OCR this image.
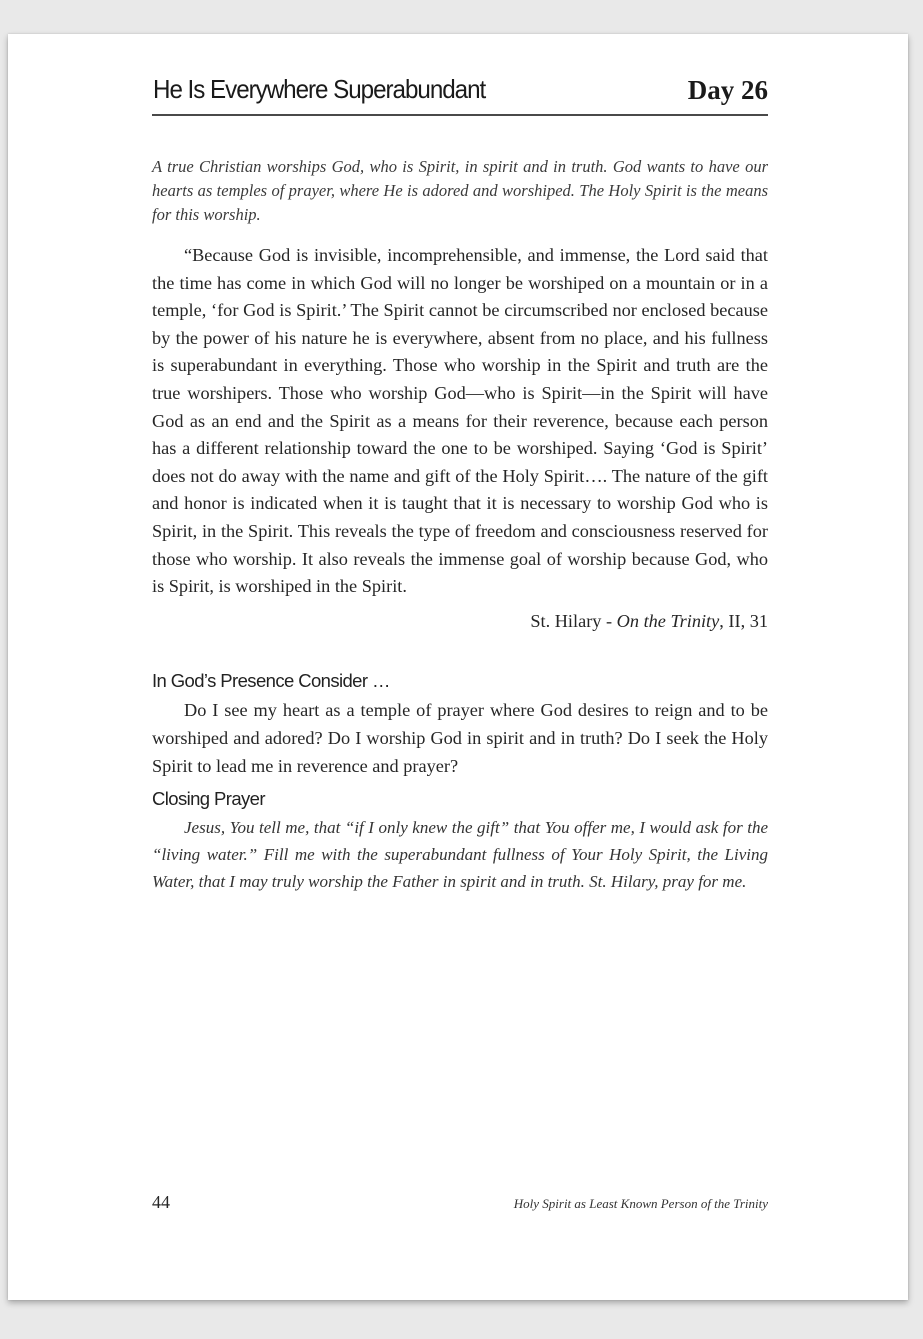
He Is Everywhere Superabundant	Day 26

A true Christian worships God, who is Spirit, in spirit and in truth. God wants to have our hearts as temples of prayer, where He is adored and worshiped. The Holy Spirit is the means for this worship.

“Because God is invisible, incomprehensible, and immense, the Lord said that the time has come in which God will no longer be worshiped on a mountain or in a temple, ‘for God is Spirit.’ The Spirit cannot be circumscribed nor enclosed because by the power of his nature he is everywhere, absent from no place, and his fullness is superabundant in everything. Those who worship in the Spirit and truth are the true worshipers. Those who worship God—who is Spirit—in the Spirit will have God as an end and the Spirit as a means for their reverence, because each person has a different relationship toward the one to be worshiped. Saying ‘God is Spirit’ does not do away with the name and gift of the Holy Spirit…. The nature of the gift and honor is indicated when it is taught that it is necessary to worship God who is Spirit, in the Spirit. This reveals the type of freedom and consciousness reserved for those who worship. It also reveals the immense goal of worship because God, who is Spirit, is worshiped in the Spirit.

St. Hilary - On the Trinity, II, 31
In God’s Presence Consider …

Do I see my heart as a temple of prayer where God desires to reign and to be worshiped and adored? Do I worship God in spirit and in truth? Do I seek the Holy Spirit to lead me in reverence and prayer?

Closing Prayer

Jesus, You tell me, that “if I only knew the gift” that You offer me, I would ask for the “living water.” Fill me with the superabundant fullness of Your Holy Spirit, the Living Water, that I may truly worship the Father in spirit and in truth. St. Hilary, pray for me.

44	Holy Spirit as Least Known Person of the Trinity
